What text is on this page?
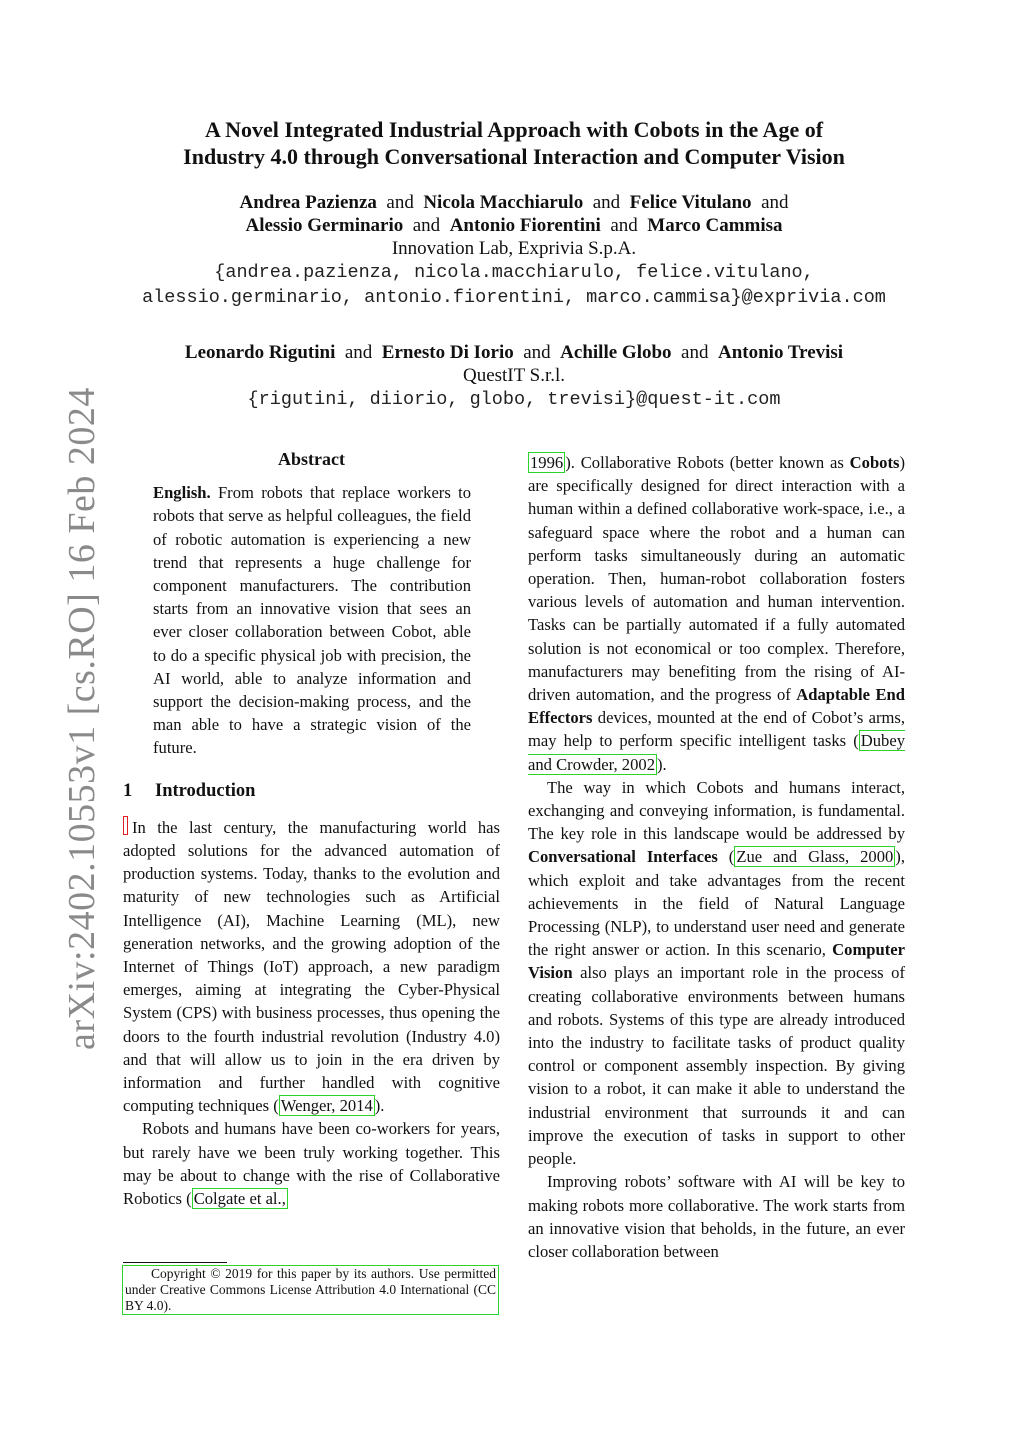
A Novel Integrated Industrial Approach with Cobots in the Age of
Industry 4.0 through Conversational Interaction and Computer Vision
Andrea Pazienza and Nicola Macchiarulo and Felice Vitulano and
Alessio Germinario and Antonio Fiorentini and Marco Cammisa
Innovation Lab, Exprivia S.p.A.
{andrea.pazienza, nicola.macchiarulo, felice.vitulano,
alessio.germinario, antonio.fiorentini, marco.cammisa}@exprivia.com
Leonardo Rigutini and Ernesto Di Iorio and Achille Globo and Antonio Trevisi
QuestIT S.r.l.
{rigutini, diiorio, globo, trevisi}@quest-it.com
arXiv:2402.10553v1 [cs.RO] 16 Feb 2024	Abstract
English. From robots that replace workers to robots that serve as helpful colleagues, the field of robotic automation is experiencing a new trend that represents a huge challenge for component manufacturers. The contribution starts from an innovative vision that sees an ever closer collaboration between Cobot, able to do a specific physical job with precision, the AI world, able to analyze information and support the decision-making process, and the man able to have a strategic vision of the future.
1 Introduction

In the last century, the manufacturing world has adopted solutions for the advanced automation of production systems. Today, thanks to the evolution and maturity of new technologies such as Artificial Intelligence (AI), Machine Learning (ML), new generation networks, and the growing adoption of the Internet of Things (IoT) approach, a new paradigm emerges, aiming at integrating the Cyber-Physical System (CPS) with business processes, thus opening the doors to the fourth industrial revolution (Industry 4.0) and that will allow us to join in the era driven by information and further handled with cognitive computing techniques ( Wenger, 2014 ).

Robots and humans have been co-workers for years, but rarely have we been truly working together. This may be about to change with the rise of Collaborative Robotics ( Colgate et al.,

Copyright © 2019 for this paper by its authors. Use permitted under Creative Commons License Attribution 4.0 International (CC BY 4.0).

1996 ). Collaborative Robots (better known as Cobots) are specifically designed for direct interaction with a human within a defined collaborative work-space, i.e., a safeguard space where the robot and a human can perform tasks simultaneously during an automatic operation. Then, human-robot collaboration fosters various levels of automation and human intervention. Tasks can be partially automated if a fully automated solution is not economical or too complex. Therefore, manufacturers may benefiting from the rising of AI-driven automation, and the progress of Adaptable End Effectors devices, mounted at the end of Cobot’s arms, may help to perform specific intelligent tasks ( Dubey and Crowder, 2002 ).

The way in which Cobots and humans interact, exchanging and conveying information, is fundamental. The key role in this landscape would be addressed by Conversational Interfaces ( Zue and Glass, 2000 ), which exploit and take advantages from the recent achievements in the field of Natural Language Processing (NLP), to understand user need and generate the right answer or action. In this scenario, Computer Vision also plays an important role in the process of creating collaborative environments between humans and robots. Systems of this type are already introduced into the industry to facilitate tasks of product quality control or component assembly inspection. By giving vision to a robot, it can make it able to understand the industrial environment that surrounds it and can improve the execution of tasks in support to other people.

Improving robots’ software with AI will be key to making robots more collaborative. The work starts from an innovative vision that beholds, in the future, an ever closer collaboration between
